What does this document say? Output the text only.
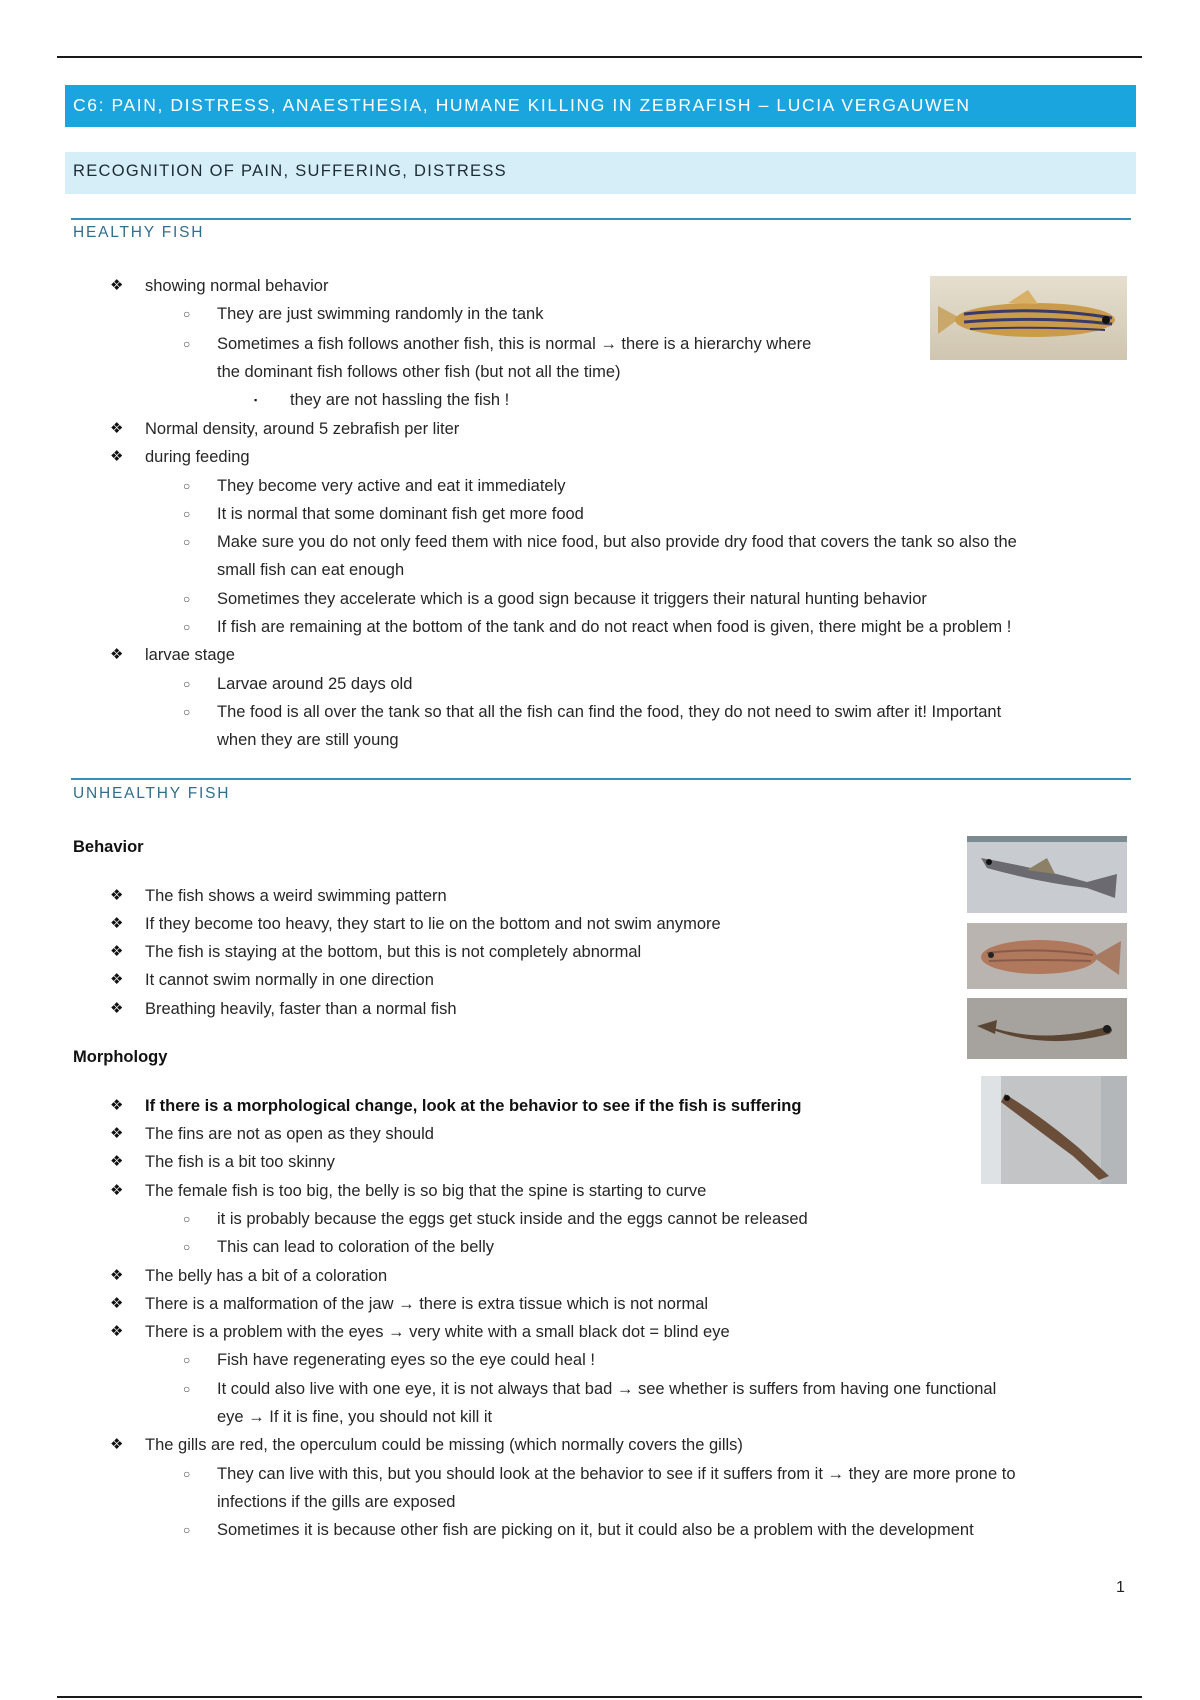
C6: PAIN, DISTRESS, ANAESTHESIA, HUMANE KILLING IN ZEBRAFISH – LUCIA VERGAUWEN
RECOGNITION OF PAIN, SUFFERING, DISTRESS
HEALTHY FISH
❖ showing normal behavior
○ They are just swimming randomly in the tank
○ Sometimes a fish follows another fish, this is normal → there is a hierarchy where
the dominant fish follows other fish (but not all the time)
▪ they are not hassling the fish !
❖ Normal density, around 5 zebrafish per liter
❖ during feeding
○ They become very active and eat it immediately
○ It is normal that some dominant fish get more food
○ Make sure you do not only feed them with nice food, but also provide dry food that covers the tank so also the
small fish can eat enough
○ Sometimes they accelerate which is a good sign because it triggers their natural hunting behavior
○ If fish are remaining at the bottom of the tank and do not react when food is given, there might be a problem !
❖ larvae stage
○ Larvae around 25 days old
○ The food is all over the tank so that all the fish can find the food, they do not need to swim after it! Important
when they are still young
UNHEALTHY FISH
Behavior
❖ The fish shows a weird swimming pattern
❖ If they become too heavy, they start to lie on the bottom and not swim anymore
❖ The fish is staying at the bottom, but this is not completely abnormal
❖ It cannot swim normally in one direction
❖ Breathing heavily, faster than a normal fish
Morphology
❖ If there is a morphological change, look at the behavior to see if the fish is suffering
❖ The fins are not as open as they should
❖ The fish is a bit too skinny
❖ The female fish is too big, the belly is so big that the spine is starting to curve
○ it is probably because the eggs get stuck inside and the eggs cannot be released
○ This can lead to coloration of the belly
❖ The belly has a bit of a coloration
❖ There is a malformation of the jaw → there is extra tissue which is not normal
❖ There is a problem with the eyes → very white with a small black dot = blind eye
○ Fish have regenerating eyes so the eye could heal !
○ It could also live with one eye, it is not always that bad → see whether is suffers from having one functional
eye → If it is fine, you should not kill it
❖ The gills are red, the operculum could be missing (which normally covers the gills)
○ They can live with this, but you should look at the behavior to see if it suffers from it → they are more prone to
infections if the gills are exposed
○ Sometimes it is because other fish are picking on it, but it could also be a problem with the development
1
